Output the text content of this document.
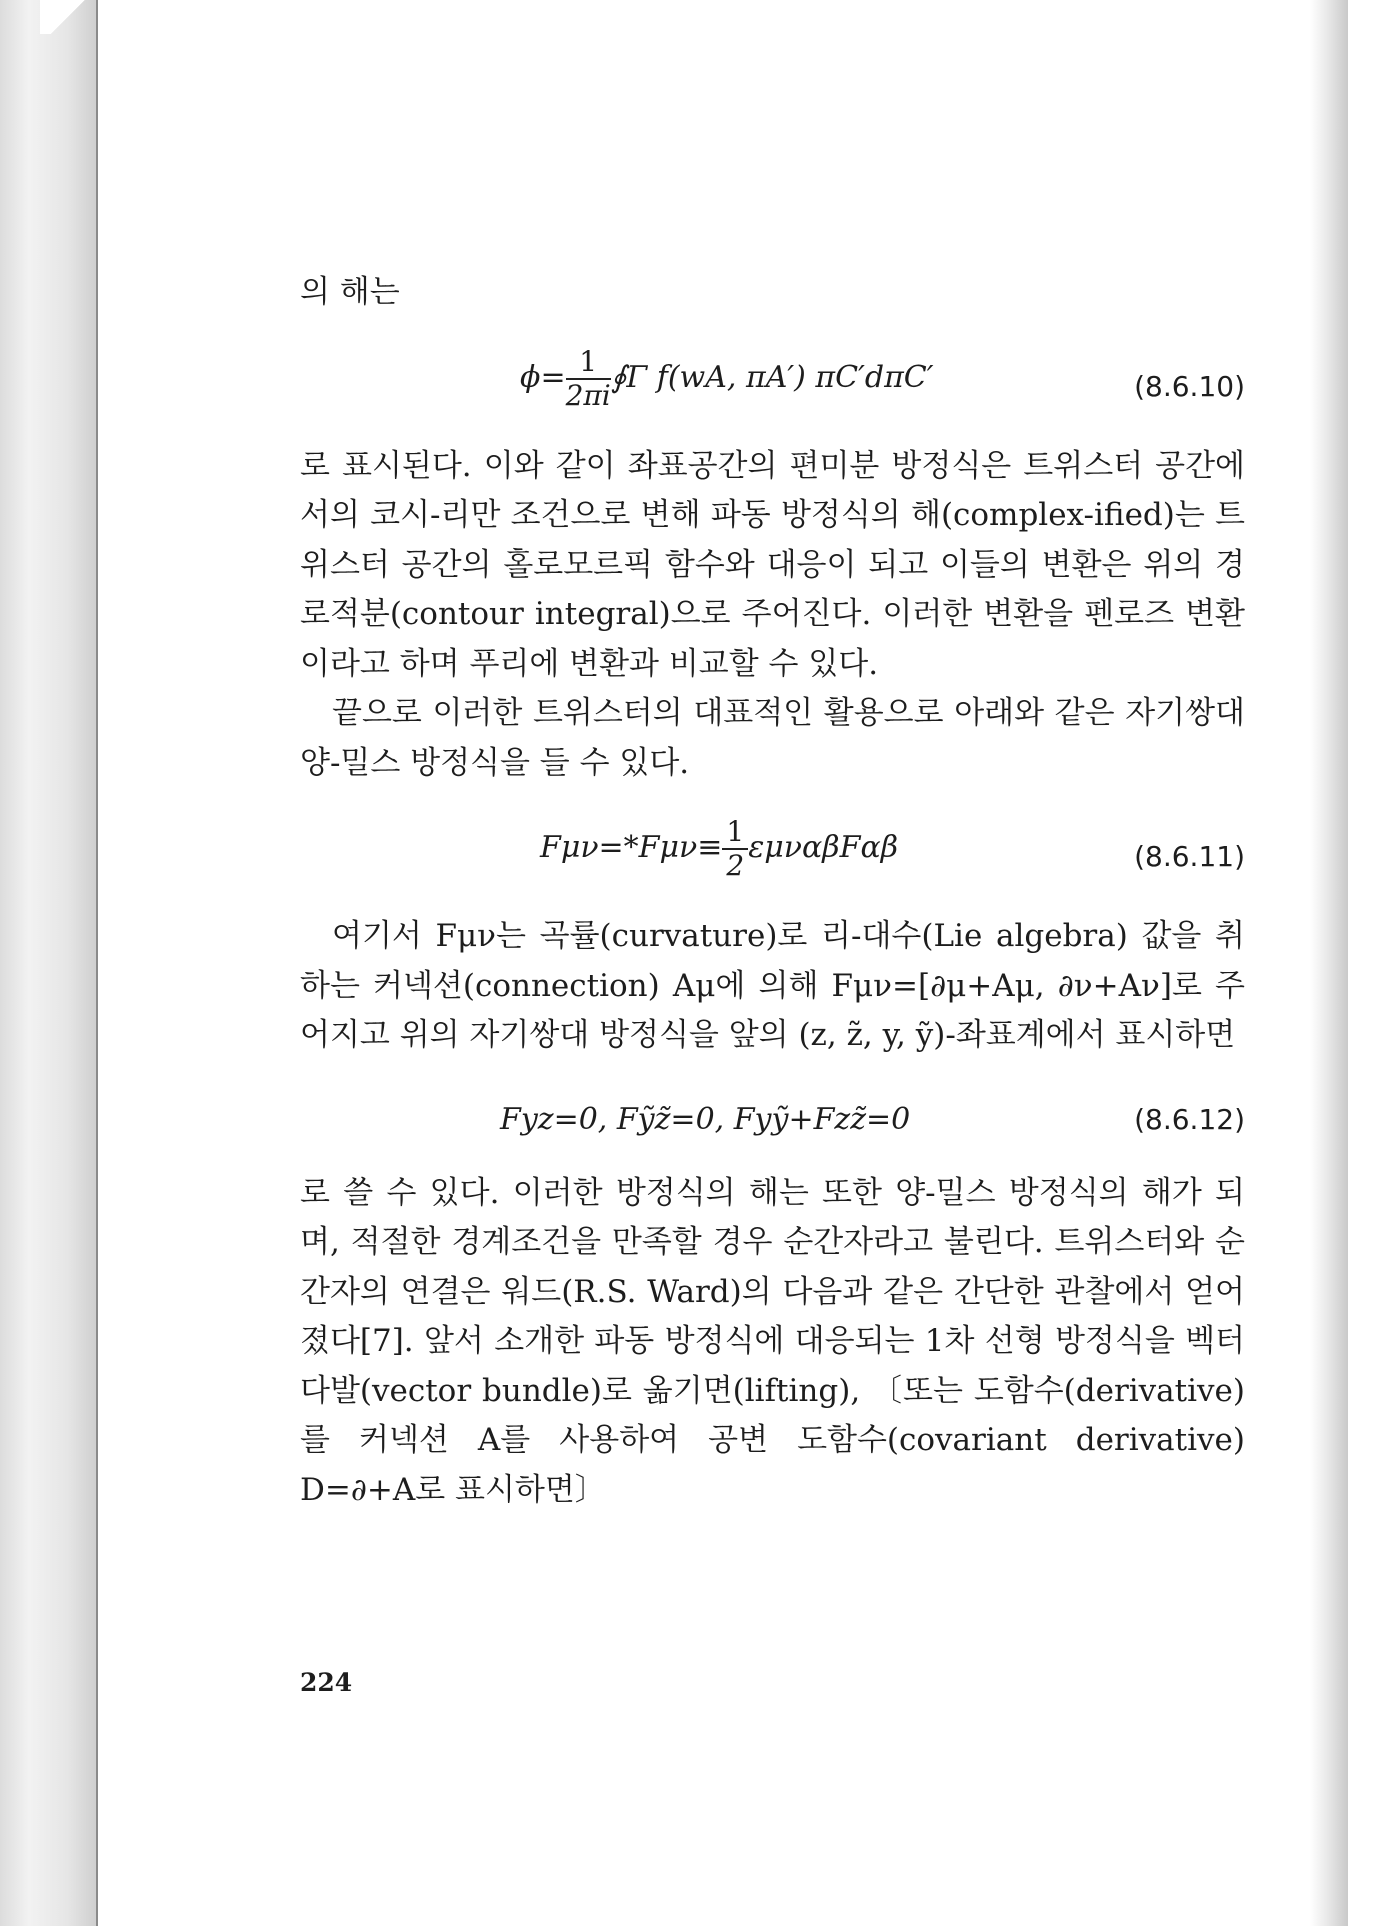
의 해는

$\phi= \frac{1}{2\pi i}$ ∮Γ f(wA, πA′) πC′dπC′	(8.6.10)

로 표시된다. 이와 같이 좌표공간의 편미분 방정식은 트위스터 공간에서의 코시-리만 조건으로 변해 파동 방정식의 해(complex-ified)는 트위스터 공간의 홀로모르픽 함수와 대응이 되고 이들의 변환은 위의 경로적분(contour integral)으로 주어진다. 이러한 변환을 펜로즈 변환이라고 하며 푸리에 변환과 비교할 수 있다.

끝으로 이러한 트위스터의 대표적인 활용으로 아래와 같은 자기쌍대 양-밀스 방정식을 들 수 있다.

$F\mu\nu=*F\mu\nu\equiv \frac{1}{2}$ εμναβFαβ	(8.6.11)

여기서 Fμν는 곡률(curvature)로 리-대수(Lie algebra) 값을 취하는 커넥션(connection) Aμ에 의해 Fμν=[∂μ+Aμ, ∂ν+Aν]로 주어지고 위의 자기쌍대 방정식을 앞의 (z, z̃, y, ỹ)-좌표계에서 표시하면

Fyz=0, Fỹz̃=0, Fyỹ+Fzz̃=0	(8.6.12)

로 쓸 수 있다. 이러한 방정식의 해는 또한 양-밀스 방정식의 해가 되며, 적절한 경계조건을 만족할 경우 순간자라고 불린다. 트위스터와 순간자의 연결은 워드(R.S. Ward)의 다음과 같은 간단한 관찰에서 얻어졌다[7]. 앞서 소개한 파동 방정식에 대응되는 1차 선형 방정식을 벡터 다발(vector bundle)로 옮기면(lifting), 〔또는 도함수(derivative)를 커넥션 A를 사용하여 공변 도함수(covariant derivative) D=∂+A로 표시하면〕

224
